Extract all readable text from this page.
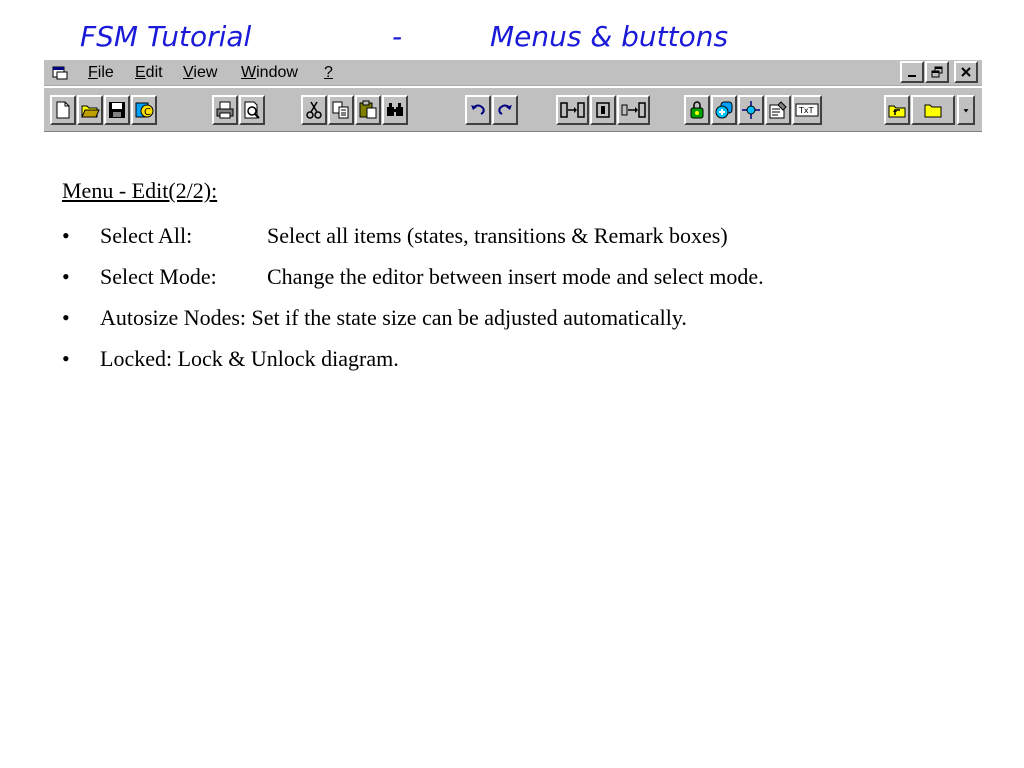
FSM Tutorial	-	Menus & buttons
File Edit View Window ?
C	TxT
Menu - Edit(2/2):
• Select All:	Select all items (states, transitions & Remark boxes)
• Select Mode: Change the editor between insert mode and select mode.
• Autosize Nodes: Set if the state size can be adjusted automatically.
• Locked: Lock & Unlock diagram.
